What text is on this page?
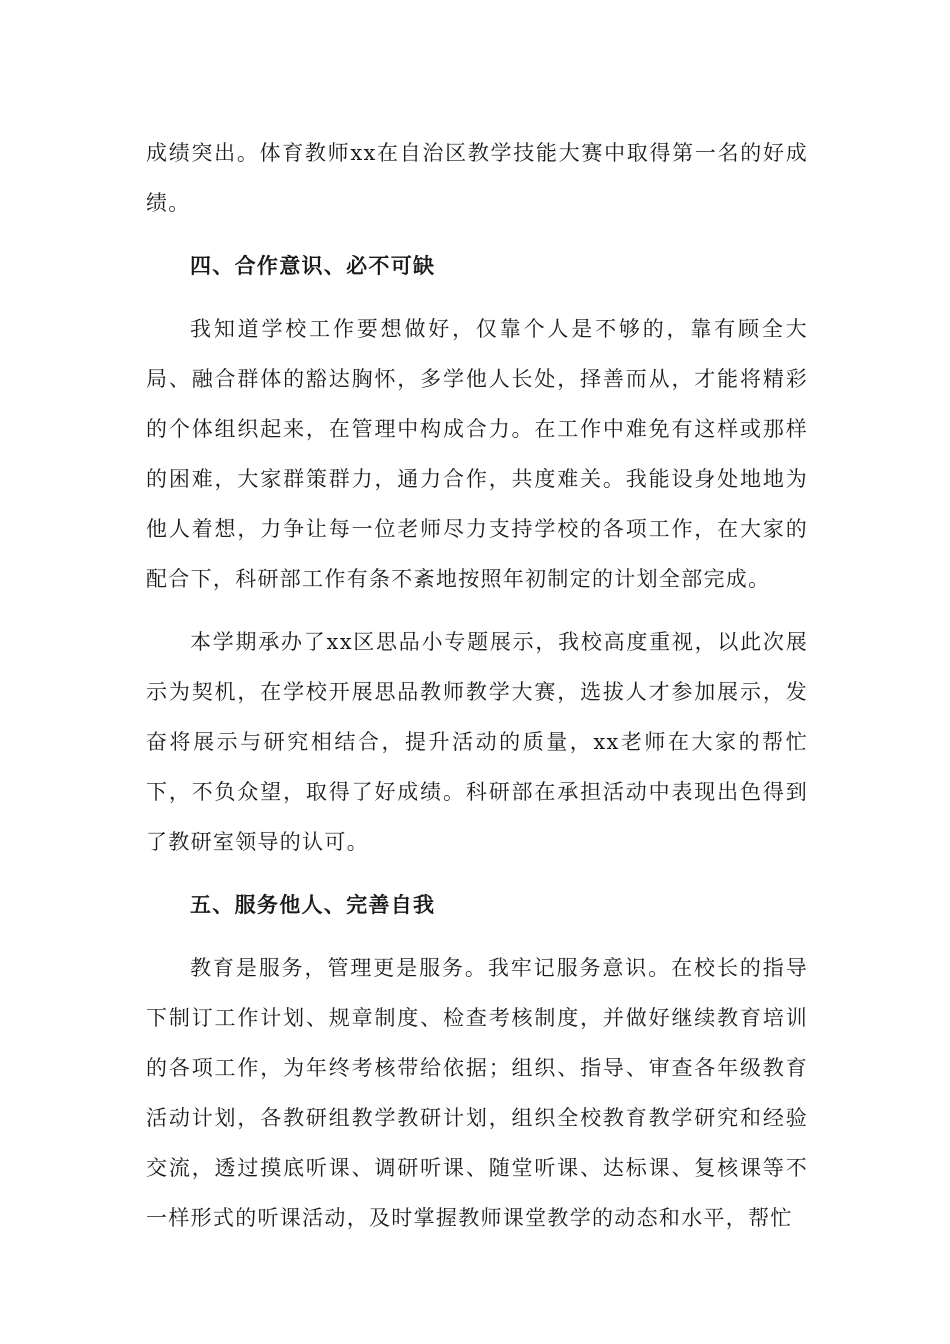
成绩突出。体育教师xx在自治区教学技能大赛中取得第一名的好成绩。

四、合作意识、必不可缺

我知道学校工作要想做好，仅靠个人是不够的，靠有顾全大局、融合群体的豁达胸怀，多学他人长处，择善而从，才能将精彩的个体组织起来，在管理中构成合力。在工作中难免有这样或那样的困难，大家群策群力，通力合作，共度难关。我能设身处地地为他人着想，力争让每一位老师尽力支持学校的各项工作，在大家的配合下，科研部工作有条不紊地按照年初制定的计划全部完成。

本学期承办了xx区思品小专题展示，我校高度重视，以此次展示为契机，在学校开展思品教师教学大赛，选拔人才参加展示，发奋将展示与研究相结合，提升活动的质量，xx老师在大家的帮忙下，不负众望，取得了好成绩。科研部在承担活动中表现出色得到了教研室领导的认可。

五、服务他人、完善自我

教育是服务，管理更是服务。我牢记服务意识。在校长的指导下制订工作计划、规章制度、检查考核制度，并做好继续教育培训的各项工作，为年终考核带给依据；组织、指导、审查各年级教育活动计划，各教研组教学教研计划，组织全校教育教学研究和经验交流，透过摸底听课、调研听课、随堂听课、达标课、复核课等不一样形式的听课活动，及时掌握教师课堂教学的动态和水平，帮忙
